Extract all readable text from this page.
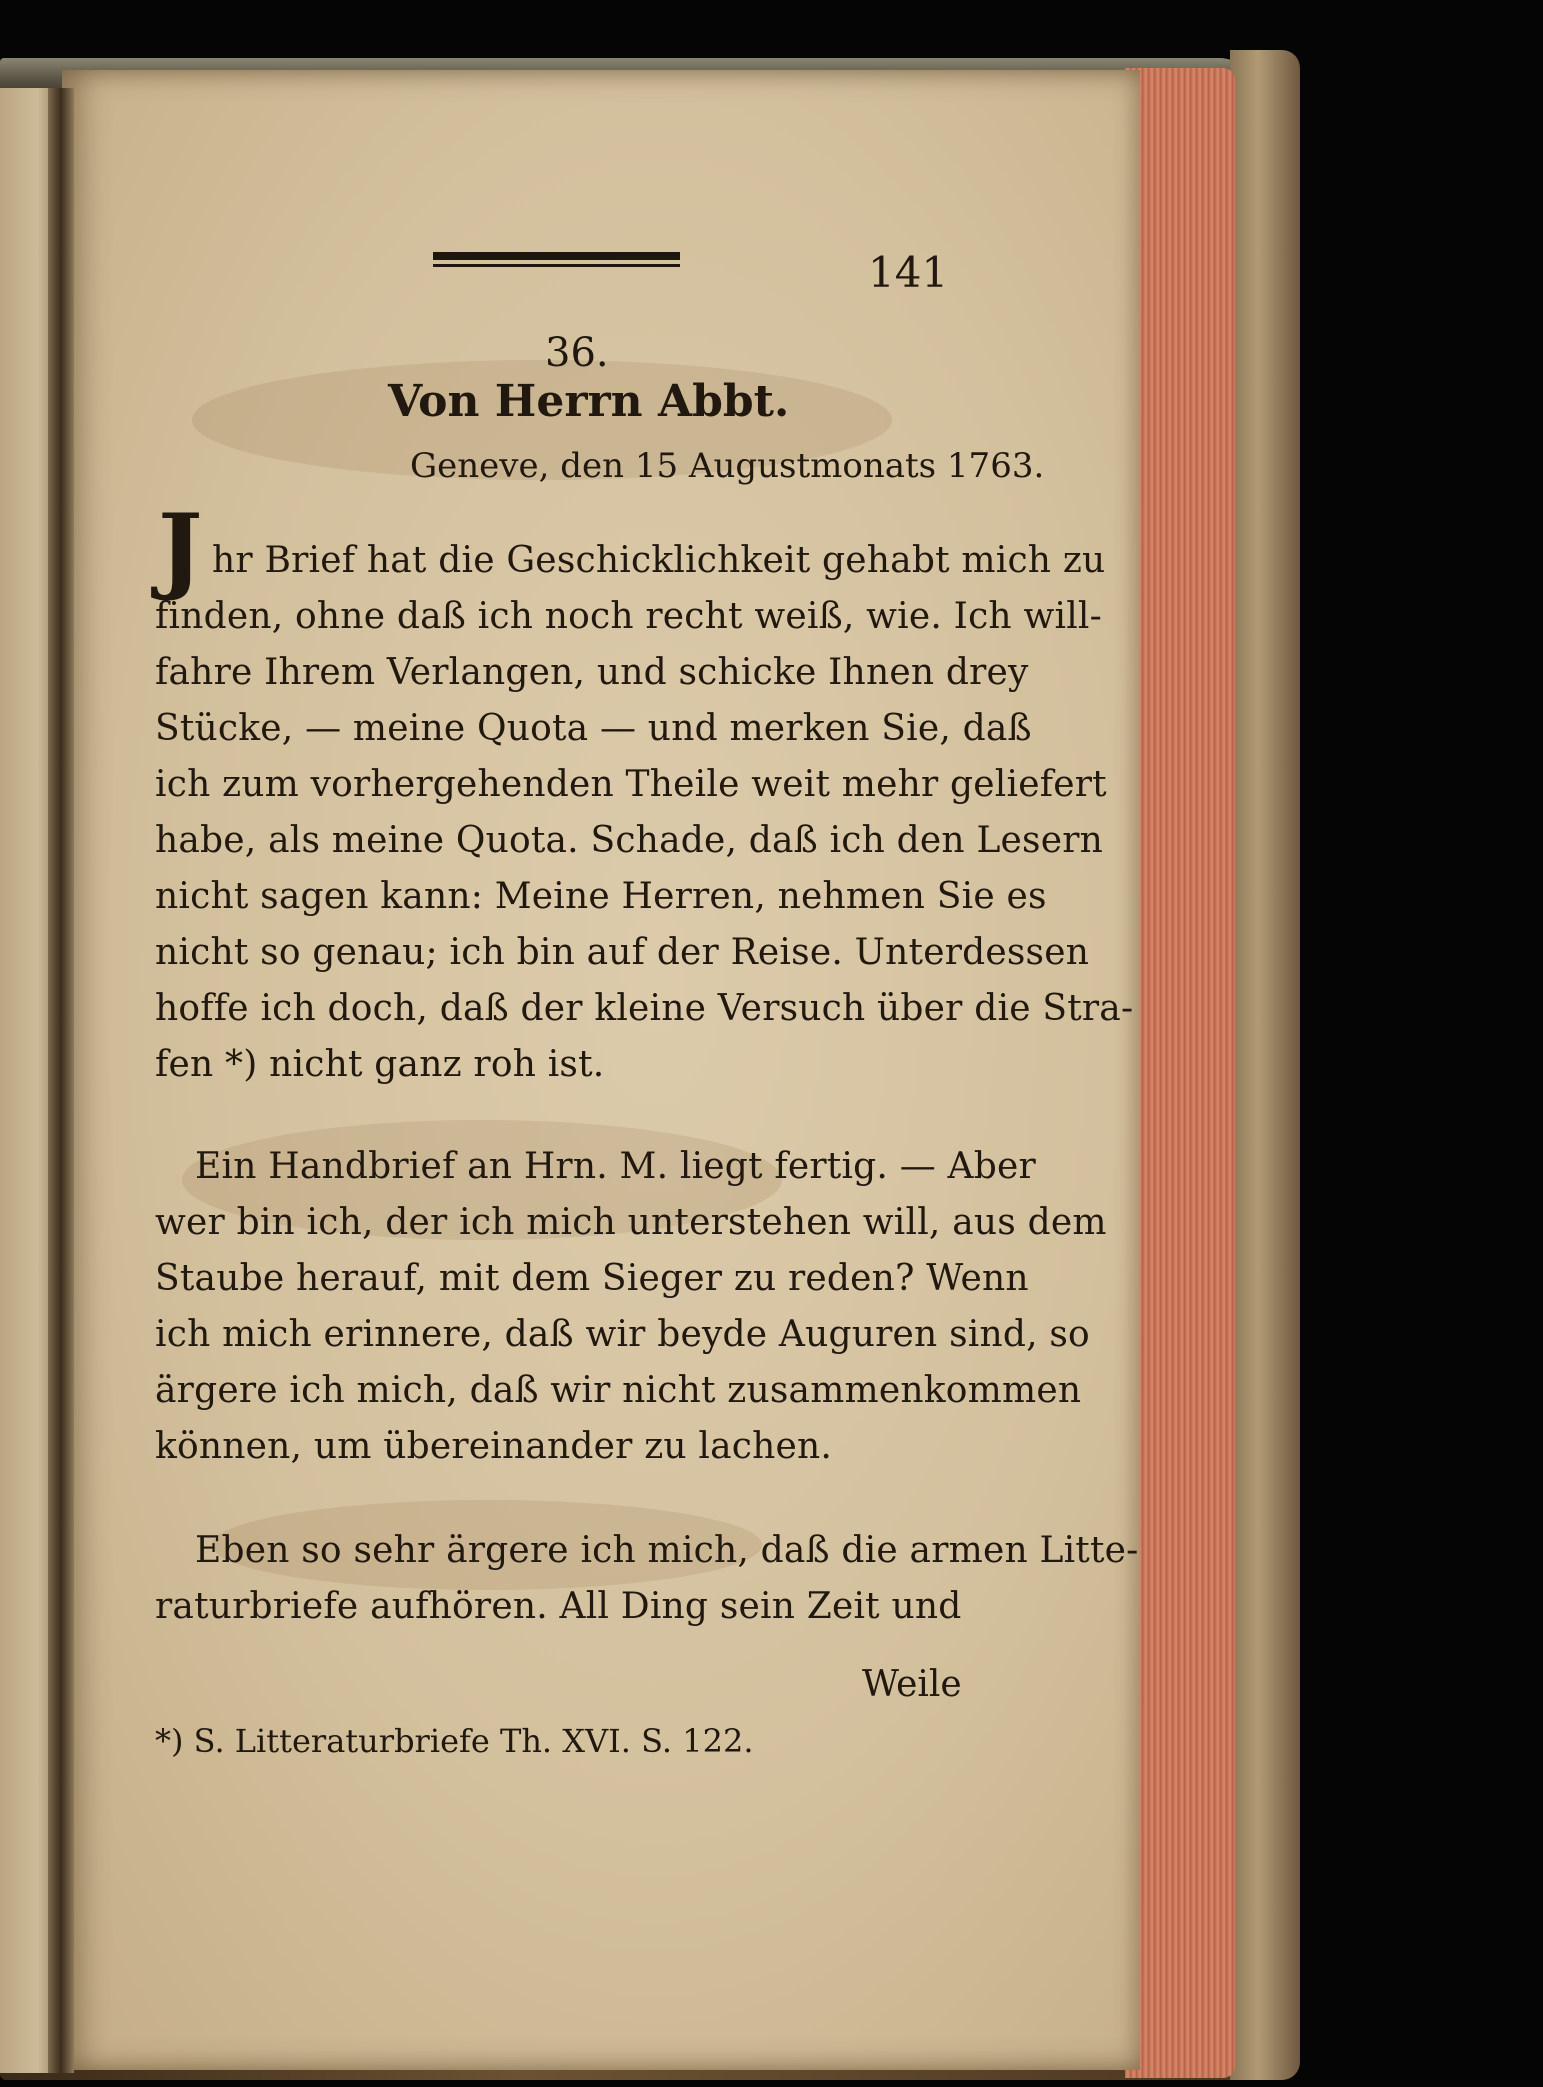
141

36.

Von Herrn Abbt.

Geneve, den 15 Augustmonats 1763.

J hr Brief hat die Geschicklichkeit gehabt mich zu

finden, ohne daß ich noch recht weiß, wie. Ich will-

fahre Ihrem Verlangen, und schicke Ihnen drey

Stücke, — meine Quota — und merken Sie, daß

ich zum vorhergehenden Theile weit mehr geliefert

habe, als meine Quota. Schade, daß ich den Lesern

nicht sagen kann: Meine Herren, nehmen Sie es

nicht so genau; ich bin auf der Reise. Unterdessen

hoffe ich doch, daß der kleine Versuch über die Stra-

fen *) nicht ganz roh ist.

Ein Handbrief an Hrn. M. liegt fertig. — Aber

wer bin ich, der ich mich unterstehen will, aus dem

Staube herauf, mit dem Sieger zu reden? Wenn

ich mich erinnere, daß wir beyde Auguren sind, so

ärgere ich mich, daß wir nicht zusammenkommen

können, um übereinander zu lachen.

Eben so sehr ärgere ich mich, daß die armen Litte-

raturbriefe aufhören. All Ding sein Zeit und

Weile

*) S. Litteraturbriefe Th. XVI. S. 122.
